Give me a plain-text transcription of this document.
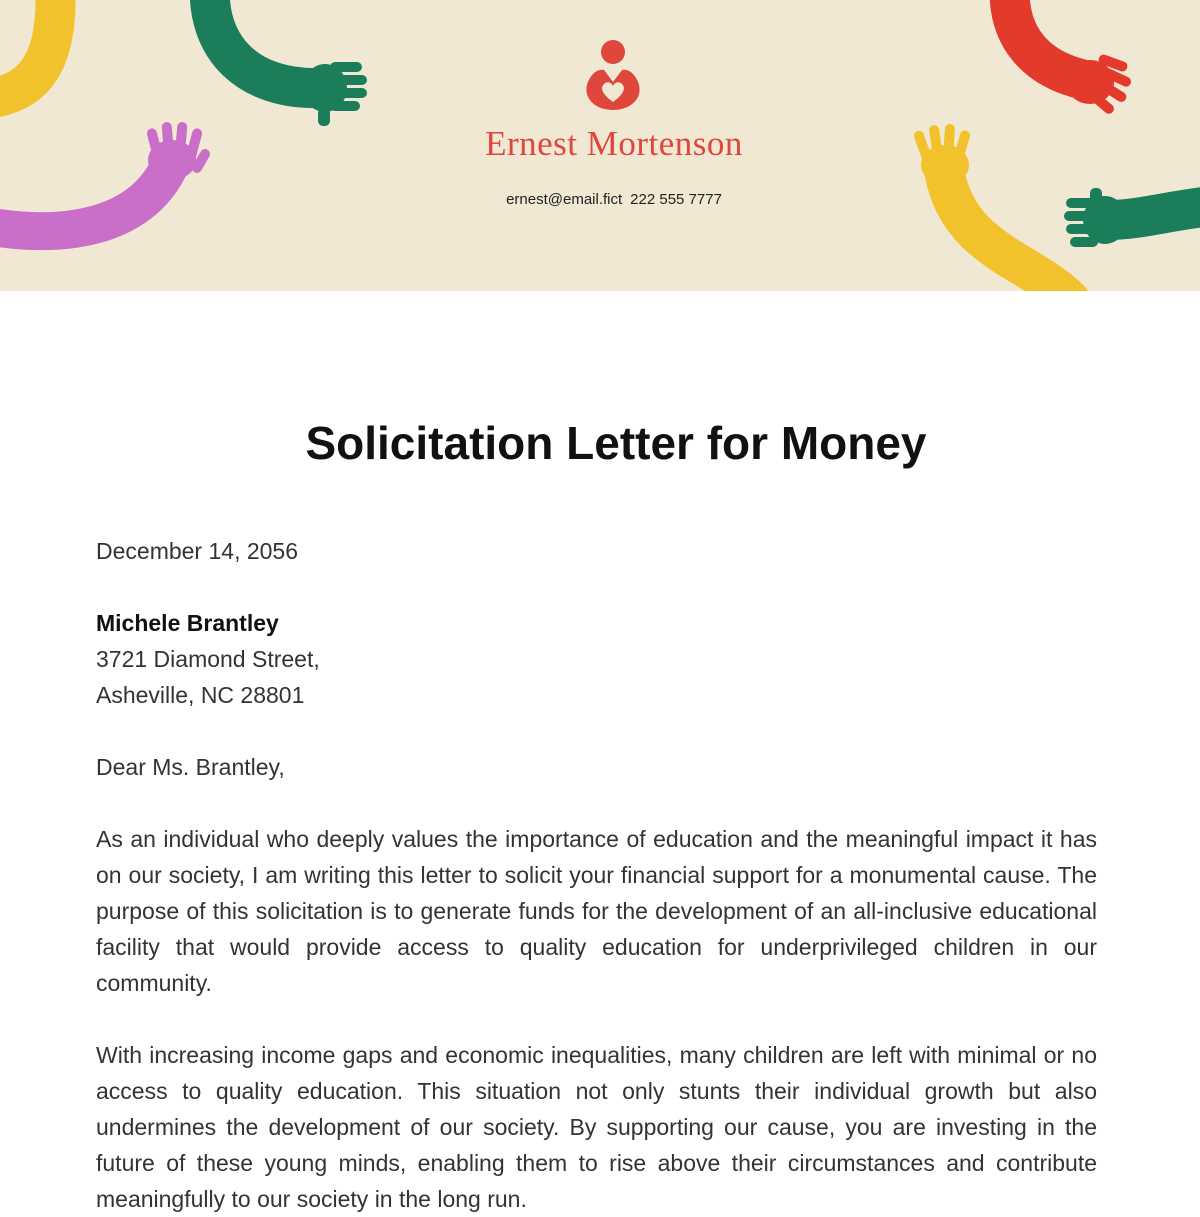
Ernest Mortenson
ernest@email.fict 222 555 7777
Solicitation Letter for Money
December 14, 2056
Michele Brantley
3721 Diamond Street,
Asheville, NC 28801
Dear Ms. Brantley,
As an individual who deeply values the importance of education and the meaningful impact it has on our society, I am writing this letter to solicit your financial support for a monumental cause. The purpose of this solicitation is to generate funds for the development of an all-inclusive educational facility that would provide access to quality education for underprivileged children in our community.
With increasing income gaps and economic inequalities, many children are left with minimal or no access to quality education. This situation not only stunts their individual growth but also undermines the development of our society. By supporting our cause, you are investing in the future of these young minds, enabling them to rise above their circumstances and contribute meaningfully to our society in the long run.
